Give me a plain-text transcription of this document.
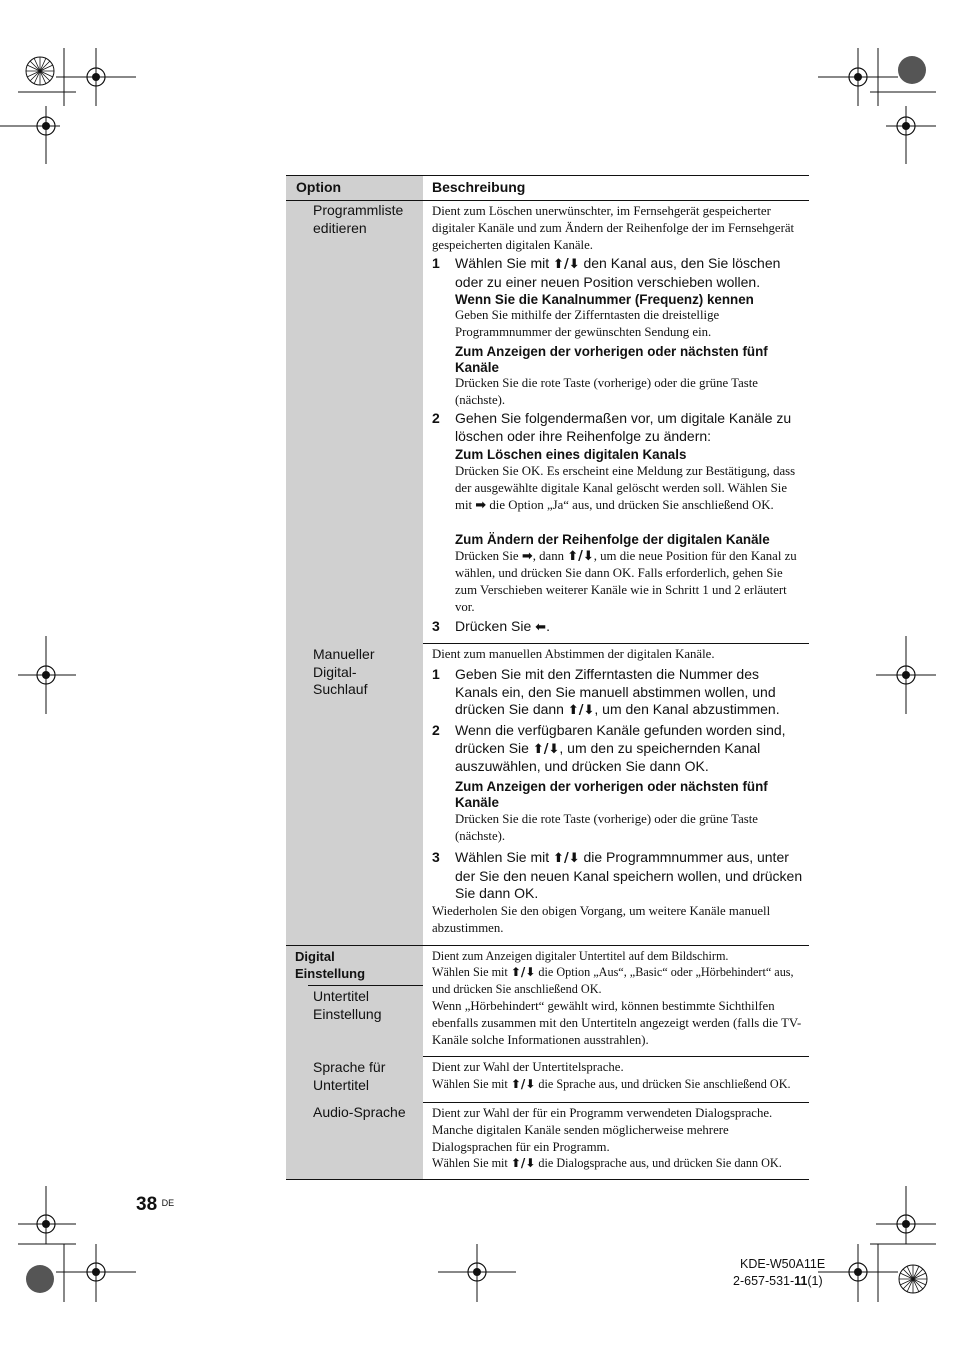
Option	Beschreibung
Programmliste editieren
Dient zum Löschen unerwünschter, im Fernsehgerät gespeicherter digitaler Kanäle und zum Ändern der Reihenfolge der im Fernsehgerät gespeicherten digitalen Kanäle.
1 Wählen Sie mit ⬆/⬇ den Kanal aus, den Sie löschen oder zu einer neuen Position verschieben wollen.
Wenn Sie die Kanalnummer (Frequenz) kennen
Geben Sie mithilfe der Zifferntasten die dreistellige Programmnummer der gewünschten Sendung ein.
Zum Anzeigen der vorherigen oder nächsten fünf Kanäle
Drücken Sie die rote Taste (vorherige) oder die grüne Taste (nächste).
2 Gehen Sie folgendermaßen vor, um digitale Kanäle zu löschen oder ihre Reihenfolge zu ändern:
Zum Löschen eines digitalen Kanals
Drücken Sie OK. Es erscheint eine Meldung zur Bestätigung, dass der ausgewählte digitale Kanal gelöscht werden soll. Wählen Sie mit ➡ die Option „Ja“ aus, und drücken Sie anschließend OK.
Zum Ändern der Reihenfolge der digitalen Kanäle
Drücken Sie ➡, dann ⬆/⬇, um die neue Position für den Kanal zu wählen, und drücken Sie dann OK. Falls erforderlich, gehen Sie zum Verschieben weiterer Kanäle wie in Schritt 1 und 2 erläutert vor.
3 Drücken Sie ⬅.
Manueller Digital-Suchlauf
Dient zum manuellen Abstimmen der digitalen Kanäle.
1 Geben Sie mit den Zifferntasten die Nummer des Kanals ein, den Sie manuell abstimmen wollen, und drücken Sie dann ⬆/⬇, um den Kanal abzustimmen.
2 Wenn die verfügbaren Kanäle gefunden worden sind, drücken Sie ⬆/⬇, um den zu speichernden Kanal auszuwählen, und drücken Sie dann OK.
Zum Anzeigen der vorherigen oder nächsten fünf Kanäle
Drücken Sie die rote Taste (vorherige) oder die grüne Taste (nächste).
3 Wählen Sie mit ⬆/⬇ die Programmnummer aus, unter der Sie den neuen Kanal speichern wollen, und drücken Sie dann OK.
Wiederholen Sie den obigen Vorgang, um weitere Kanäle manuell abzustimmen.
Digital Einstellung
Dient zum Anzeigen digitaler Untertitel auf dem Bildschirm.
Wählen Sie mit ⬆/⬇ die Option „Aus“, „Basic“ oder „Hörbehindert“ aus, und drücken Sie anschließend OK.
Wenn „Hörbehindert“ gewählt wird, können bestimmte Sichthilfen ebenfalls zusammen mit den Untertiteln angezeigt werden (falls die TV-Kanäle solche Informationen ausstrahlen).
Untertitel Einstellung
Sprache für Untertitel
Dient zur Wahl der Untertitelsprache.
Wählen Sie mit ⬆/⬇ die Sprache aus, und drücken Sie anschließend OK.
Audio-Sprache	Dient zur Wahl der für ein Programm verwendeten Dialogsprache. Manche digitalen Kanäle senden möglicherweise mehrere Dialogsprachen für ein Programm.
Wählen Sie mit ⬆/⬇ die Dialogsprache aus, und drücken Sie dann OK.
38 $^{DE}$
KDE-W50A11E
2-657-531-11(1)
